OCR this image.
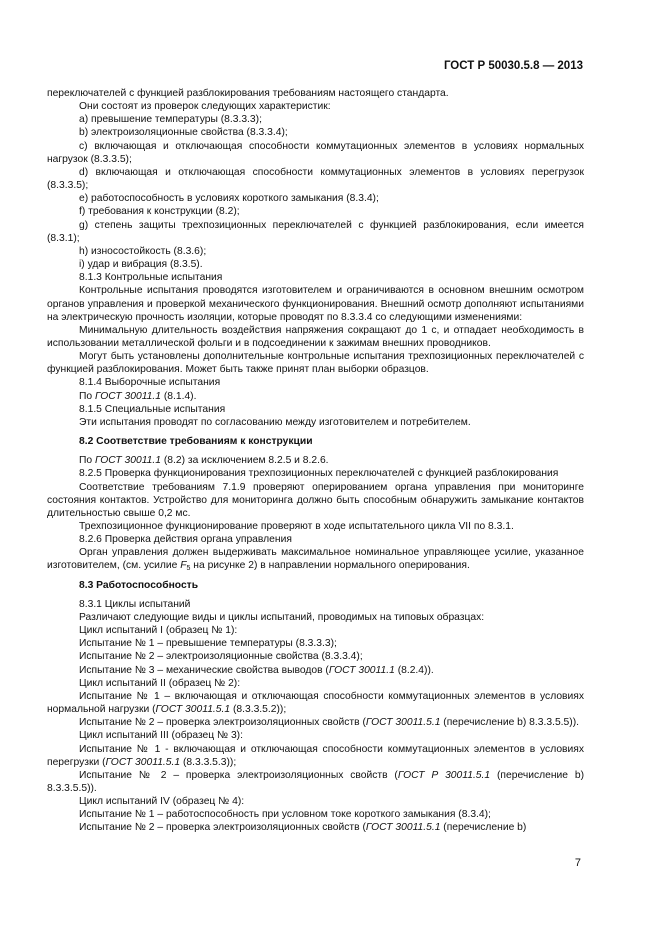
ГОСТ Р 50030.5.8 — 2013

переключателей с функцией разблокирования требованиям настоящего стандарта.

Они состоят из проверок следующих характеристик:

а) превышение температуры (8.3.3.3);

b) электроизоляционные свойства (8.3.3.4);

c) включающая и отключающая способности коммутационных элементов в условиях нормальных нагрузок (8.3.3.5);

d) включающая и отключающая способности коммутационных элементов в условиях перегрузок (8.3.3.5);

е) работоспособность в условиях короткого замыкания (8.3.4);

f) требования к конструкции (8.2);

g) степень защиты трехпозиционных переключателей с функцией разблокирования, если имеется (8.3.1);

h) износостойкость (8.3.6);

i) удар и вибрация (8.3.5).

8.1.3 Контрольные испытания

Контрольные испытания проводятся изготовителем и ограничиваются в основном внешним осмотром органов управления и проверкой механического функционирования. Внешний осмотр дополняют испытаниями на электрическую прочность изоляции, которые проводят по 8.3.3.4 со следующими изменениями:

Минимальную длительность воздействия напряжения сокращают до 1 с, и отпадает необходимость в использовании металлической фольги и в подсоединении к зажимам внешних проводников.

Могут быть установлены дополнительные контрольные испытания трехпозиционных переключателей с функцией разблокирования. Может быть также принят план выборки образцов.

8.1.4 Выборочные испытания

По ГОСТ 30011.1 (8.1.4).

8.1.5 Специальные испытания

Эти испытания проводят по согласованию между изготовителем и потребителем.

8.2 Соответствие требованиям к конструкции

По ГОСТ 30011.1 (8.2) за исключением 8.2.5 и 8.2.6.

8.2.5 Проверка функционирования трехпозиционных переключателей с функцией разблокирования

Соответствие требованиям 7.1.9 проверяют оперированием органа управления при мониторинге состояния контактов. Устройство для мониторинга должно быть способным обнаружить замыкание контактов длительностью свыше 0,2 мс.

Трехпозиционное функционирование проверяют в ходе испытательного цикла VII по 8.3.1.

8.2.6 Проверка действия органа управления

Орган управления должен выдерживать максимальное номинальное управляющее усилие, указанное изготовителем, (см. усилие $F_5$ на рисунке 2) в направлении нормального оперирования.

8.3 Работоспособность

8.3.1 Циклы испытаний

Различают следующие виды и циклы испытаний, проводимых на типовых образцах:

Цикл испытаний I (образец № 1):

Испытание № 1 – превышение температуры (8.3.3.3);

Испытание № 2 – электроизоляционные свойства (8.3.3.4);

Испытание № 3 – механические свойства выводов (ГОСТ 30011.1 (8.2.4)).

Цикл испытаний II (образец № 2):

Испытание № 1 – включающая и отключающая способности коммутационных элементов в условиях нормальной нагрузки (ГОСТ 30011.5.1 (8.3.3.5.2));

Испытание № 2 – проверка электроизоляционных свойств (ГОСТ 30011.5.1 (перечисление b) 8.3.3.5.5)).

Цикл испытаний III (образец № 3):

Испытание № 1 - включающая и отключающая способности коммутационных элементов в условиях перегрузки (ГОСТ 30011.5.1 (8.3.3.5.3));

Испытание № 2 – проверка электроизоляционных свойств (ГОСТ Р 30011.5.1 (перечисление b) 8.3.3.5.5)).

Цикл испытаний IV (образец № 4):

Испытание № 1 – работоспособность при условном токе короткого замыкания (8.3.4);

Испытание № 2 – проверка электроизоляционных свойств (ГОСТ 30011.5.1 (перечисление b)

7
